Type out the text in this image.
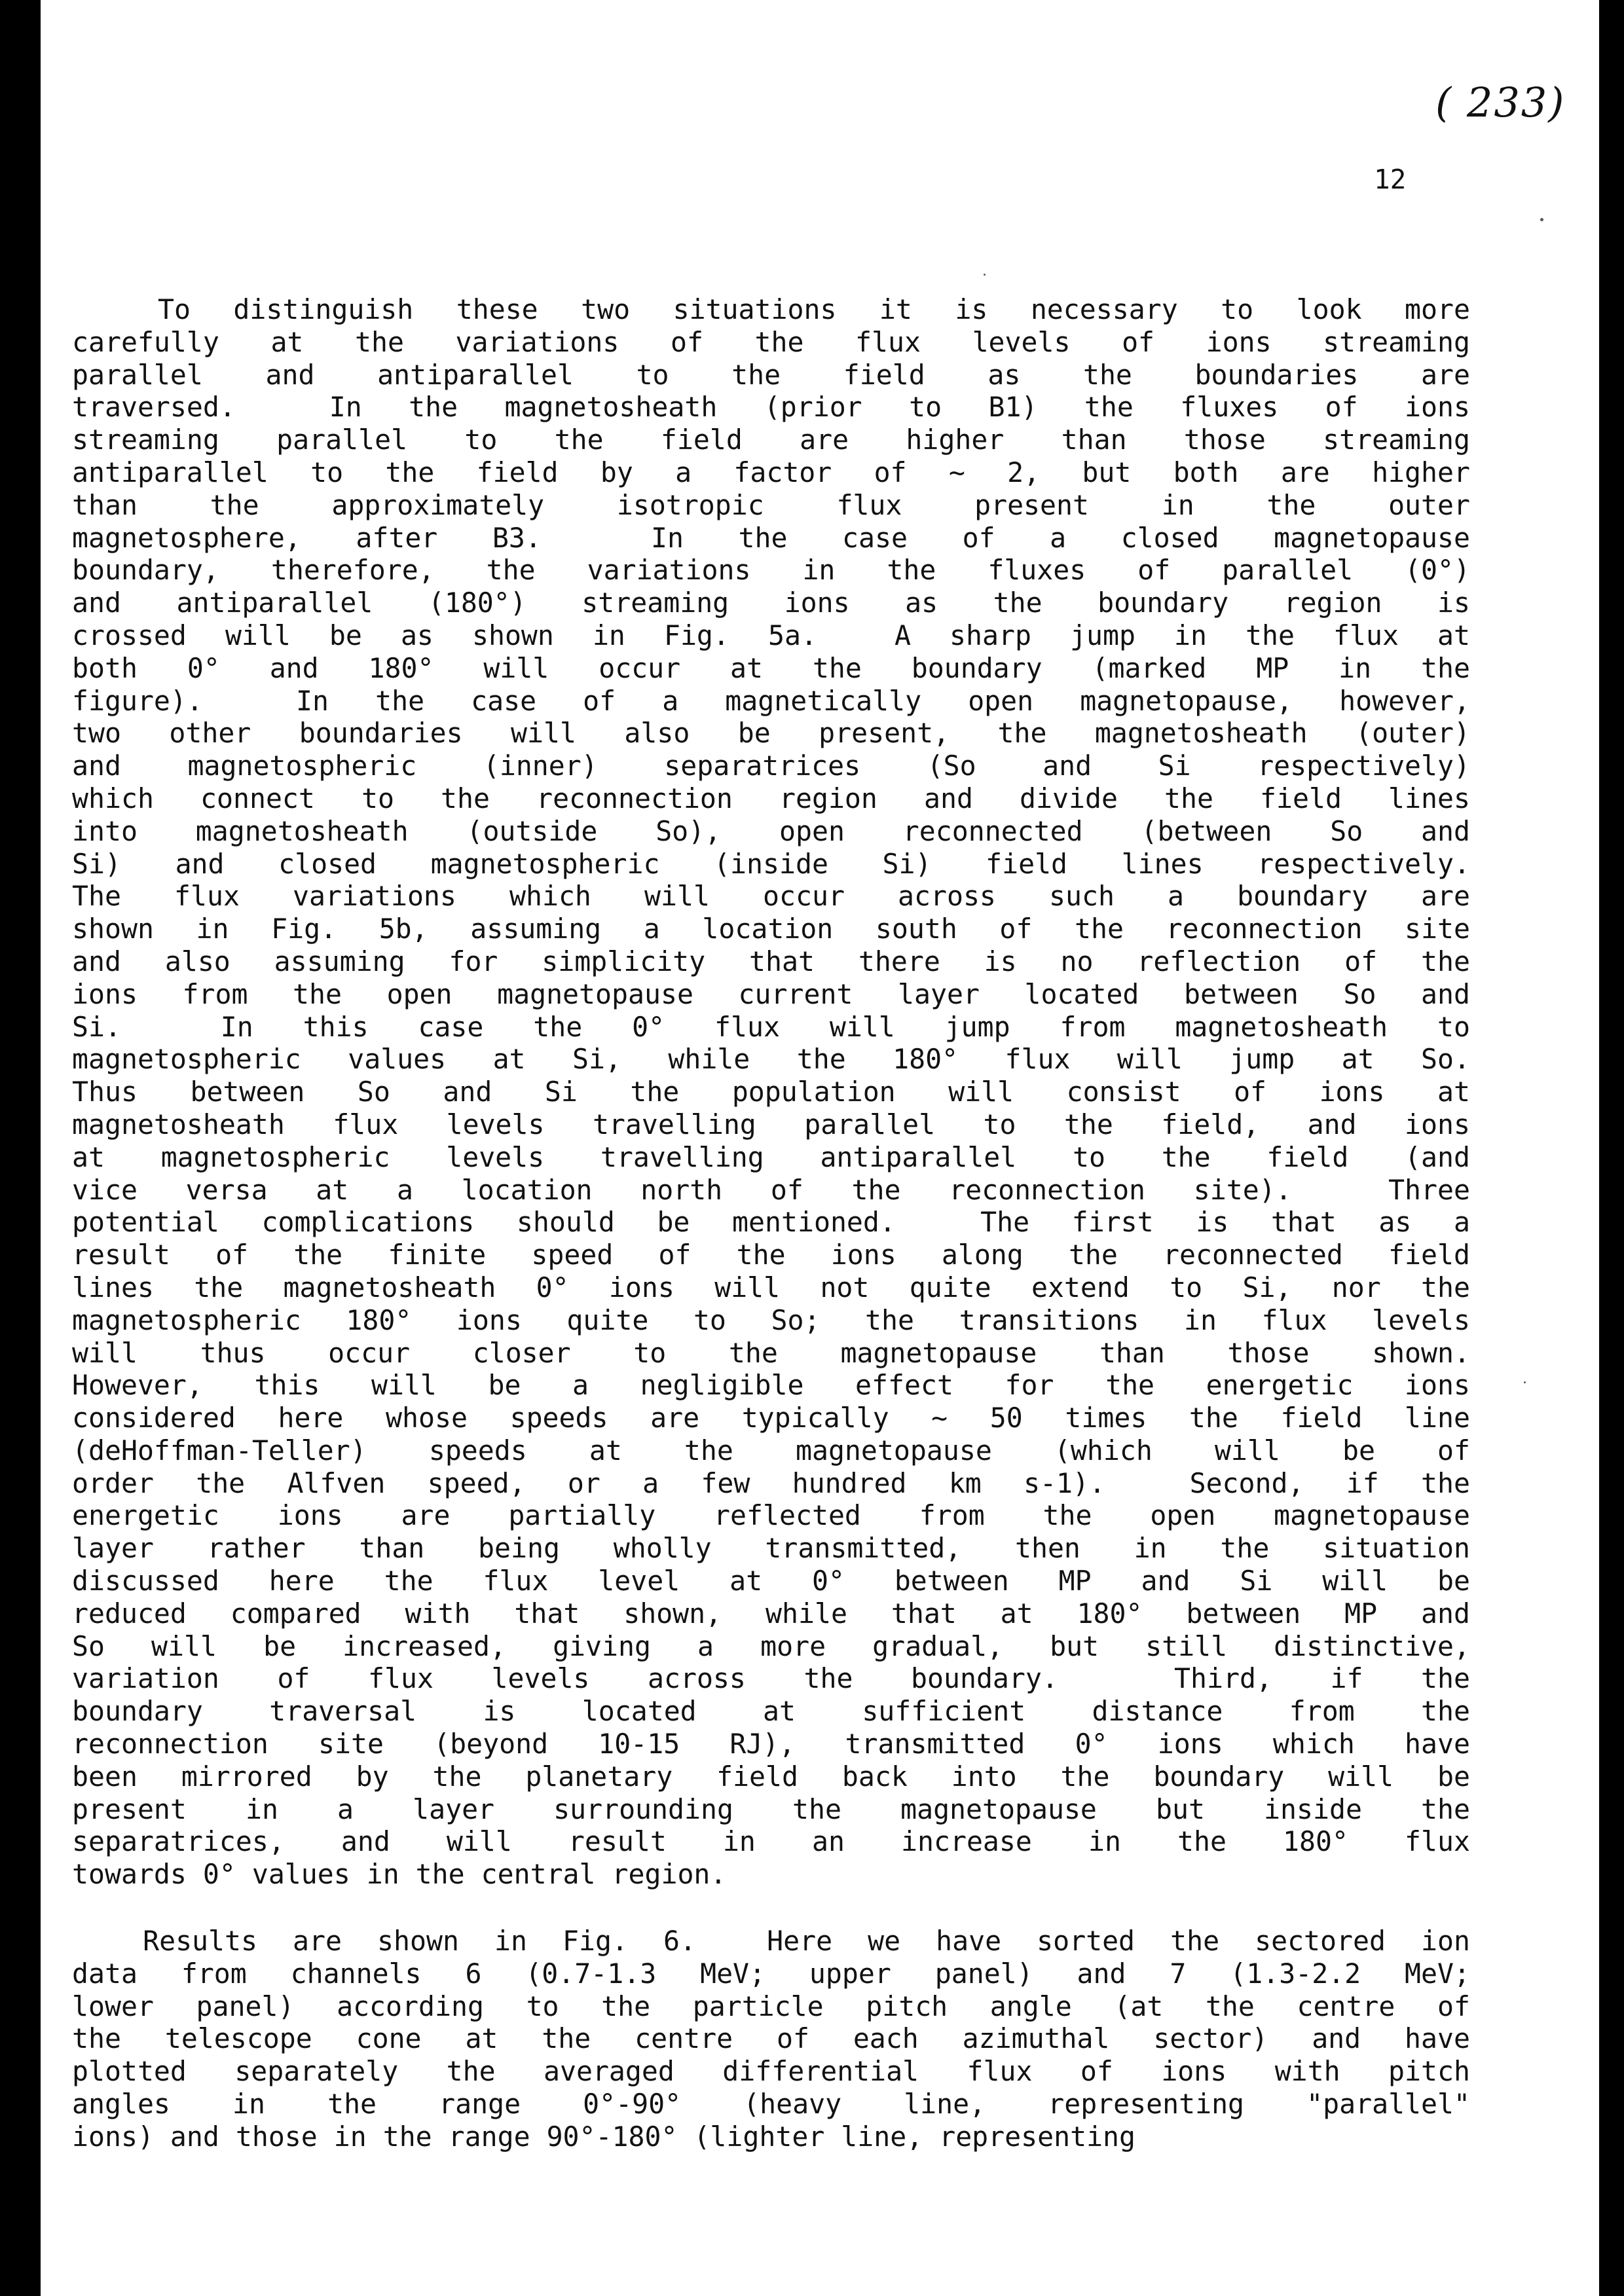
( 233)
12
To distinguish these two situations it is necessary to look more
carefully at the variations of the flux levels of ions streaming
parallel and antiparallel to the field as the boundaries are
traversed.  In the magnetosheath (prior to B1) the fluxes of ions
streaming parallel to the field are higher than those streaming
antiparallel to the field by a factor of ~ 2, but both are higher
than the approximately isotropic flux present in the outer
magnetosphere, after B3.  In the case of a closed magnetopause
boundary, therefore, the variations in the fluxes of parallel (0°)
and antiparallel (180°) streaming ions as the boundary region is
crossed will be as shown in Fig. 5a.  A sharp jump in the flux at
both 0° and 180° will occur at the boundary (marked MP in the
figure).  In the case of a magnetically open magnetopause, however,
two other boundaries will also be present, the magnetosheath (outer)
and magnetospheric (inner) separatrices (So and Si respectively)
which connect to the reconnection region and divide the field lines
into magnetosheath (outside So), open reconnected (between So and
Si) and closed magnetospheric (inside Si) field lines respectively.
The flux variations which will occur across such a boundary are
shown in Fig. 5b, assuming a location south of the reconnection site
and also assuming for simplicity that there is no reflection of the
ions from the open magnetopause current layer located between So and
Si.  In this case the 0° flux will jump from magnetosheath to
magnetospheric values at Si, while the 180° flux will jump at So.
Thus between So and Si the population will consist of ions at
magnetosheath flux levels travelling parallel to the field, and ions
at magnetospheric levels travelling antiparallel to the field (and
vice versa at a location north of the reconnection site).  Three
potential complications should be mentioned.  The first is that as a
result of the finite speed of the ions along the reconnected field
lines the magnetosheath 0° ions will not quite extend to Si, nor the
magnetospheric 180° ions quite to So; the transitions in flux levels
will thus occur closer to the magnetopause than those shown.
However, this will be a negligible effect for the energetic ions
considered here whose speeds are typically ~ 50 times the field line
(deHoffman-Teller) speeds at the magnetopause (which will be of
order the Alfven speed, or a few hundred km s-1).  Second, if the
energetic ions are partially reflected from the open magnetopause
layer rather than being wholly transmitted, then in the situation
discussed here the flux level at 0° between MP and Si will be
reduced compared with that shown, while that at 180° between MP and
So will be increased, giving a more gradual, but still distinctive,
variation of flux levels across the boundary.  Third, if the
boundary traversal is located at sufficient distance from the
reconnection site (beyond 10-15 RJ), transmitted 0° ions which have
been mirrored by the planetary field back into the boundary will be
present in a layer surrounding the magnetopause but inside the
separatrices, and will result in an increase in the 180° flux
towards 0° values in the central region.
Results are shown in Fig. 6.  Here we have sorted the sectored ion
data from channels 6 (0.7-1.3 MeV; upper panel) and 7 (1.3-2.2 MeV;
lower panel) according to the particle pitch angle (at the centre of
the telescope cone at the centre of each azimuthal sector) and have
plotted separately the averaged differential flux of ions with pitch
angles in the range 0°-90° (heavy line, representing "parallel"
ions) and those in the range 90°-180° (lighter line, representing
